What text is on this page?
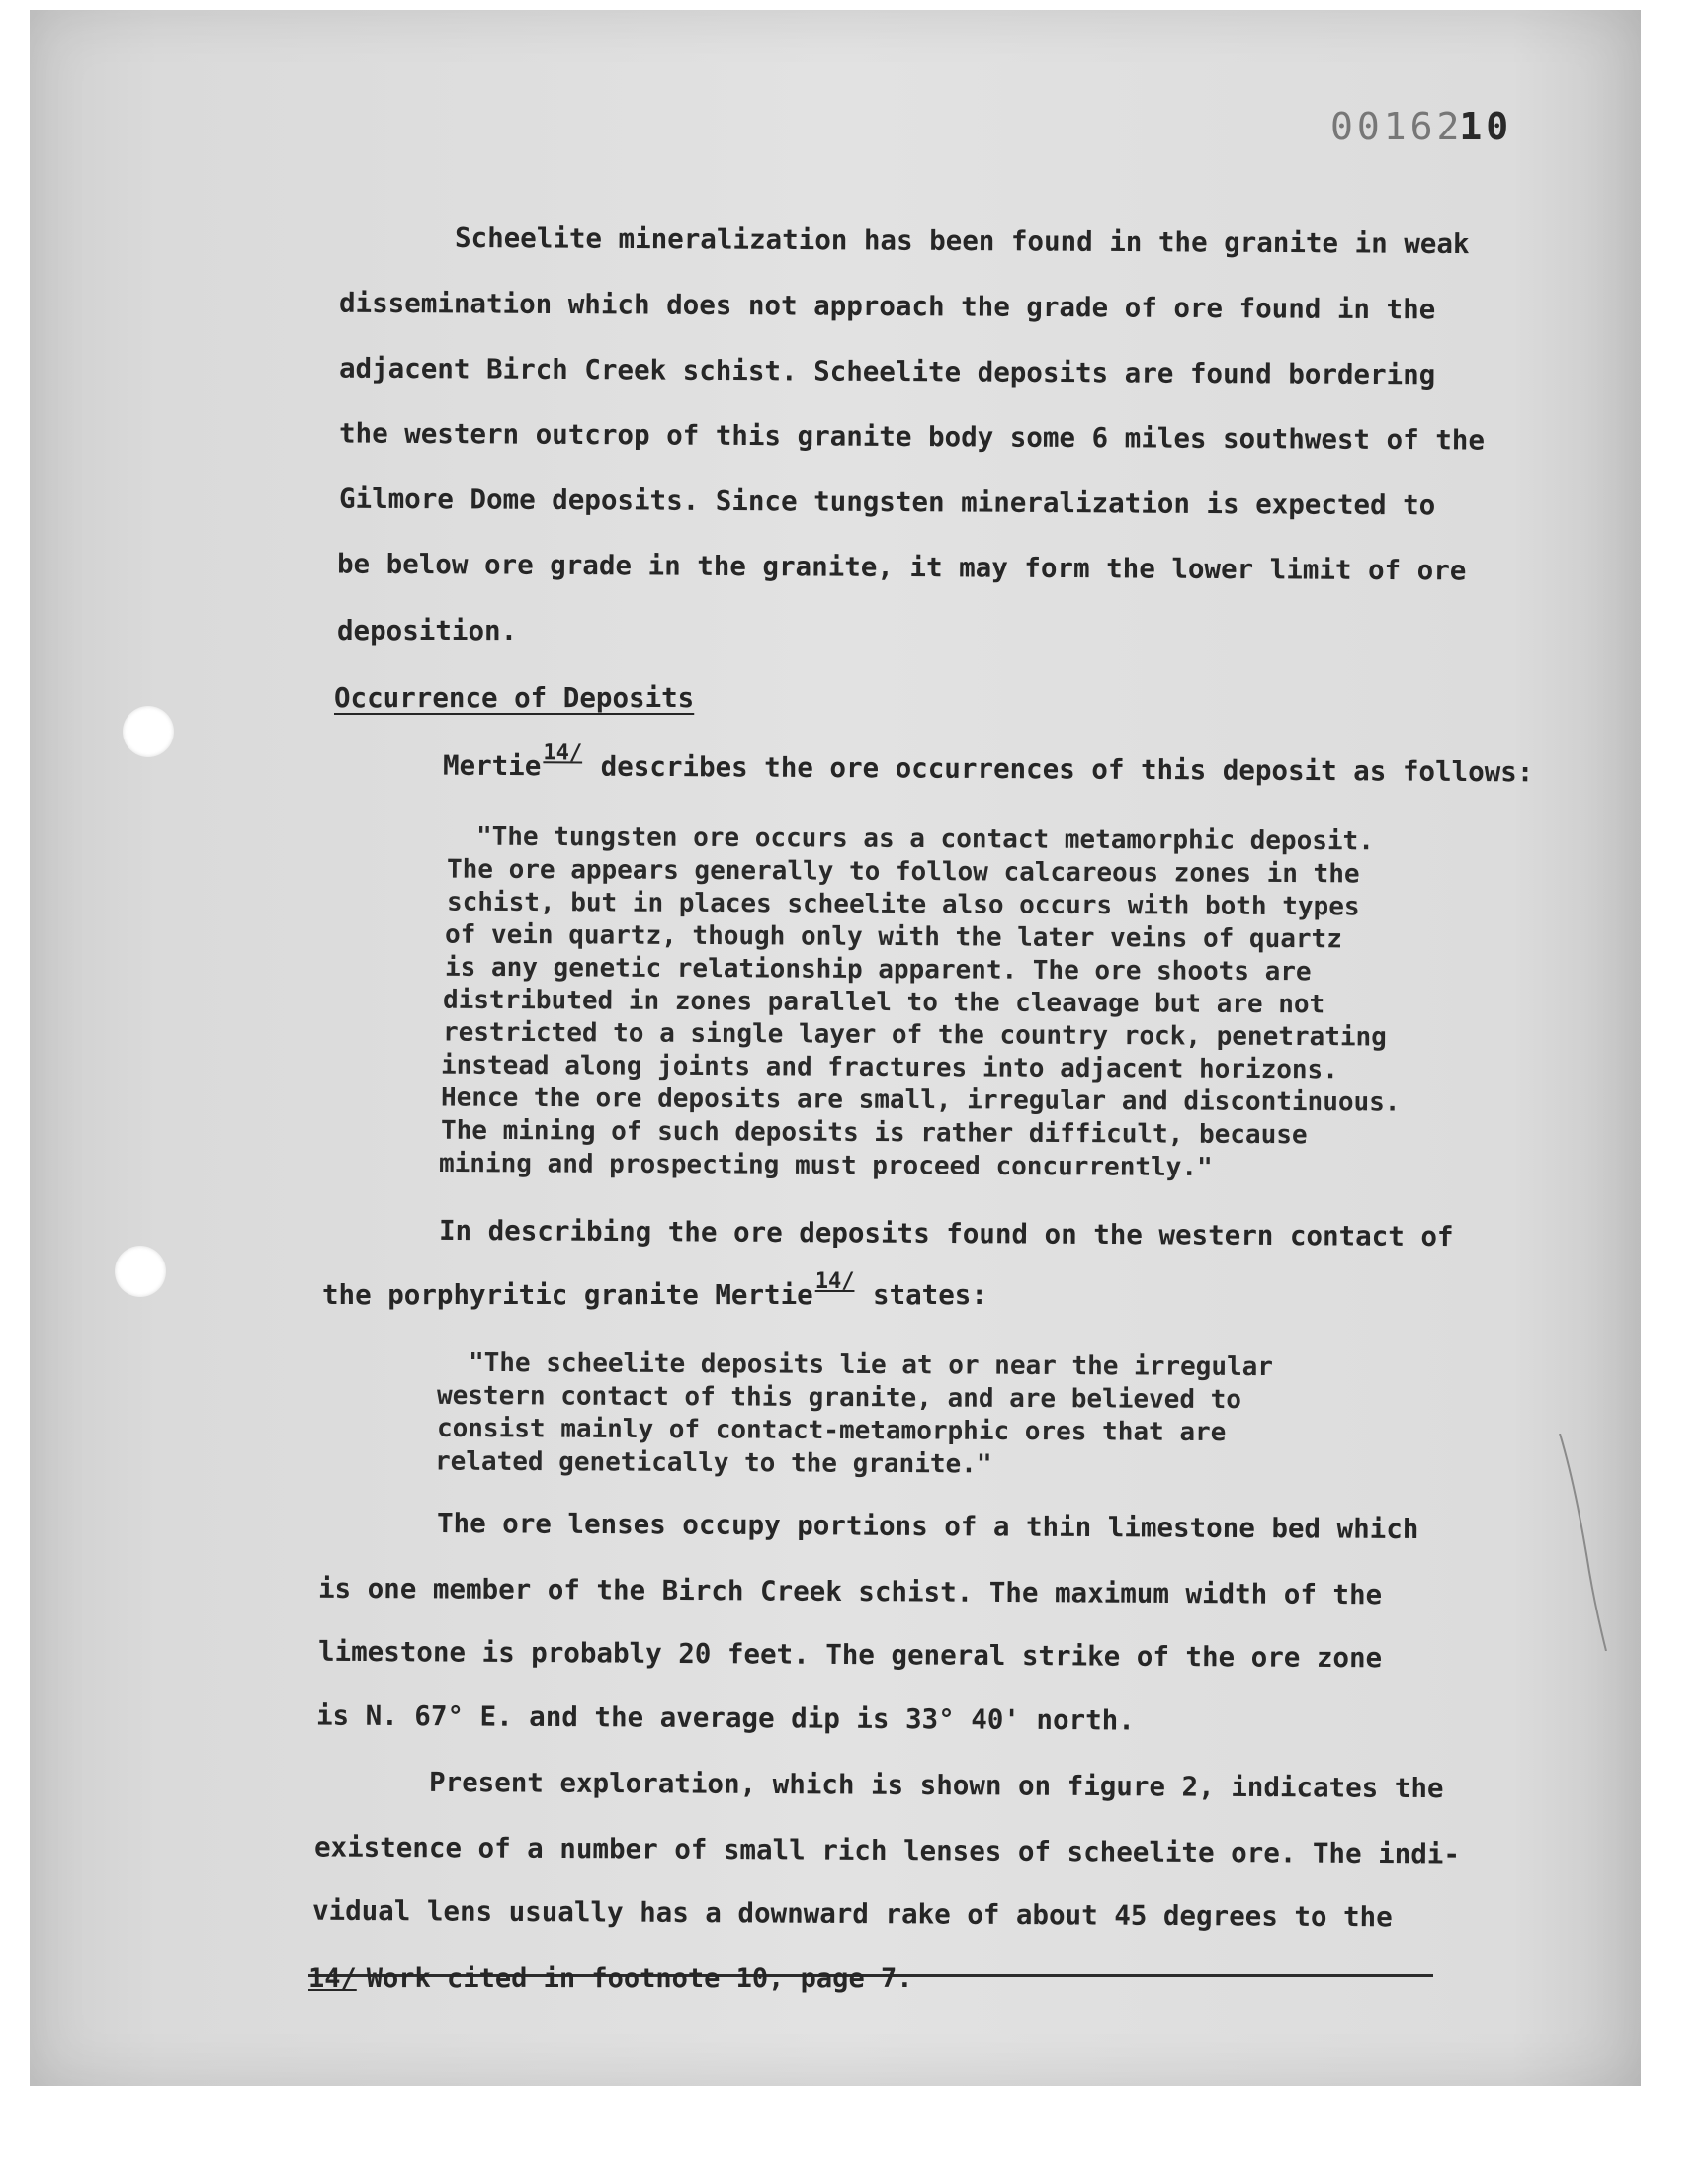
0016210
Scheelite mineralization has been found in the granite in weak
dissemination which does not approach the grade of ore found in the
adjacent Birch Creek schist. Scheelite deposits are found bordering
the western outcrop of this granite body some 6 miles southwest of the
Gilmore Dome deposits. Since tungsten mineralization is expected to
be below ore grade in the granite, it may form the lower limit of ore
deposition.
Occurrence of Deposits
Mertie$^{14/}$ describes the ore occurrences of this deposit as follows:
"The tungsten ore occurs as a contact metamorphic deposit.
The ore appears generally to follow calcareous zones in the
schist, but in places scheelite also occurs with both types
of vein quartz, though only with the later veins of quartz
is any genetic relationship apparent. The ore shoots are
distributed in zones parallel to the cleavage but are not
restricted to a single layer of the country rock, penetrating
instead along joints and fractures into adjacent horizons.
Hence the ore deposits are small, irregular and discontinuous.
The mining of such deposits is rather difficult, because
mining and prospecting must proceed concurrently."
In describing the ore deposits found on the western contact of
the porphyritic granite Mertie$^{14/}$ states:
"The scheelite deposits lie at or near the irregular
western contact of this granite, and are believed to
consist mainly of contact-metamorphic ores that are
related genetically to the granite."
The ore lenses occupy portions of a thin limestone bed which
is one member of the Birch Creek schist. The maximum width of the
limestone is probably 20 feet. The general strike of the ore zone
is N. 67° E. and the average dip is 33° 40' north.
Present exploration, which is shown on figure 2, indicates the
existence of a number of small rich lenses of scheelite ore. The indi-
vidual lens usually has a downward rake of about 45 degrees to the
14/ Work cited in footnote 10, page 7.
